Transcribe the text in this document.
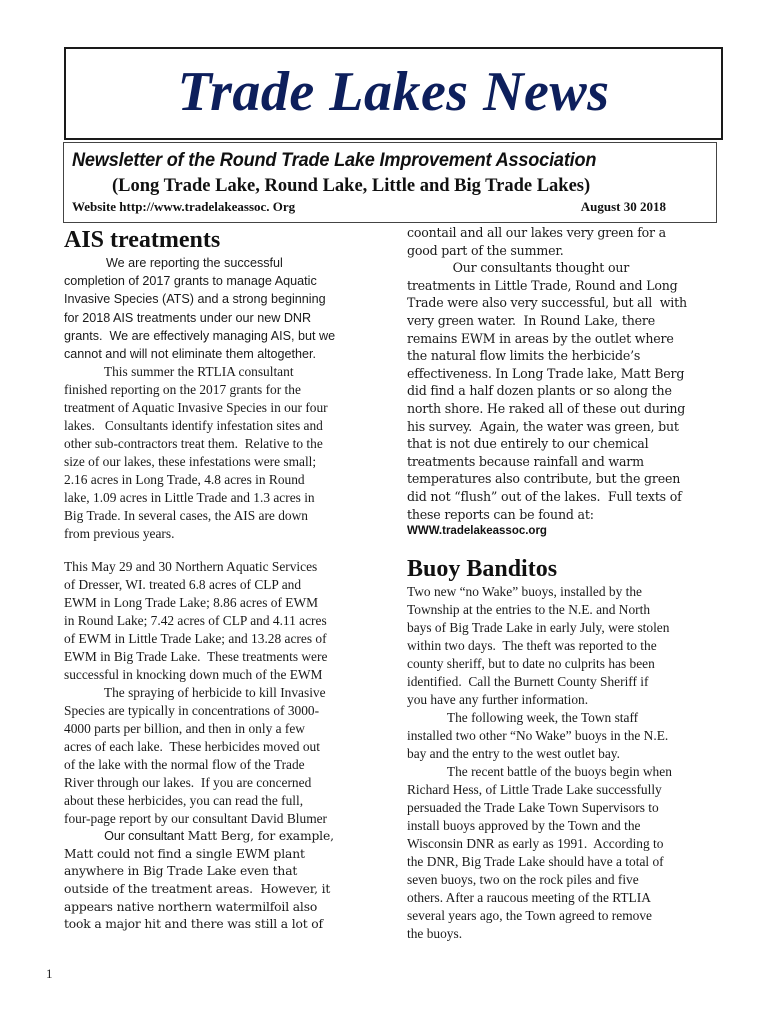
Trade Lakes News
Newsletter of the Round Trade Lake Improvement Association
(Long Trade Lake, Round Lake, Little and Big Trade Lakes)
Website http://www.tradelakeassoc. Org	August 30 2018
AIS treatments
We are reporting the successful
completion of 2017 grants to manage Aquatic
Invasive Species (ATS) and a strong beginning
for 2018 AIS treatments under our new DNR
grants.  We are effectively managing AIS, but we
cannot and will not eliminate them altogether.
This summer the RTLIA consultant
finished reporting on the 2017 grants for the
treatment of Aquatic Invasive Species in our four
lakes.   Consultants identify infestation sites and
other sub-contractors treat them.  Relative to the
size of our lakes, these infestations were small;
2.16 acres in Long Trade, 4.8 acres in Round
lake, 1.09 acres in Little Trade and 1.3 acres in
Big Trade. In several cases, the AIS are down
from previous years.
This May 29 and 30 Northern Aquatic Services
of Dresser, WI. treated 6.8 acres of CLP and
EWM in Long Trade Lake; 8.86 acres of EWM
in Round Lake; 7.42 acres of CLP and 4.11 acres
of EWM in Little Trade Lake; and 13.28 acres of
EWM in Big Trade Lake.  These treatments were
successful in knocking down much of the EWM
The spraying of herbicide to kill Invasive
Species are typically in concentrations of 3000-
4000 parts per billion, and then in only a few
acres of each lake.  These herbicides moved out
of the lake with the normal flow of the Trade
River through our lakes.  If you are concerned
about these herbicides, you can read the full,
four-page report by our consultant David Blumer
Our consultant Matt Berg, for example,
Matt could not find a single EWM plant
anywhere in Big Trade Lake even that
outside of the treatment areas.  However, it
appears native northern watermilfoil also
took a major hit and there was still a lot of
coontail and all our lakes very green for a
good part of the summer.
Our consultants thought our
treatments in Little Trade, Round and Long
Trade were also very successful, but all  with
very green water.  In Round Lake, there
remains EWM in areas by the outlet where
the natural flow limits the herbicide’s
effectiveness. In Long Trade lake, Matt Berg
did find a half dozen plants or so along the
north shore. He raked all of these out during
his survey.  Again, the water was green, but
that is not due entirely to our chemical
treatments because rainfall and warm
temperatures also contribute, but the green
did not “flush” out of the lakes.  Full texts of
these reports can be found at:
WWW.tradelakeassoc.org
Buoy Banditos
Two new “no Wake” buoys, installed by the
Township at the entries to the N.E. and North
bays of Big Trade Lake in early July, were stolen
within two days.  The theft was reported to the
county sheriff, but to date no culprits has been
identified.  Call the Burnett County Sheriff if
you have any further information.
The following week, the Town staff
installed two other “No Wake” buoys in the N.E.
bay and the entry to the west outlet bay.
The recent battle of the buoys begin when
Richard Hess, of Little Trade Lake successfully
persuaded the Trade Lake Town Supervisors to
install buoys approved by the Town and the
Wisconsin DNR as early as 1991.  According to
the DNR, Big Trade Lake should have a total of
seven buoys, two on the rock piles and five
others. After a raucous meeting of the RTLIA
several years ago, the Town agreed to remove
the buoys.
1
